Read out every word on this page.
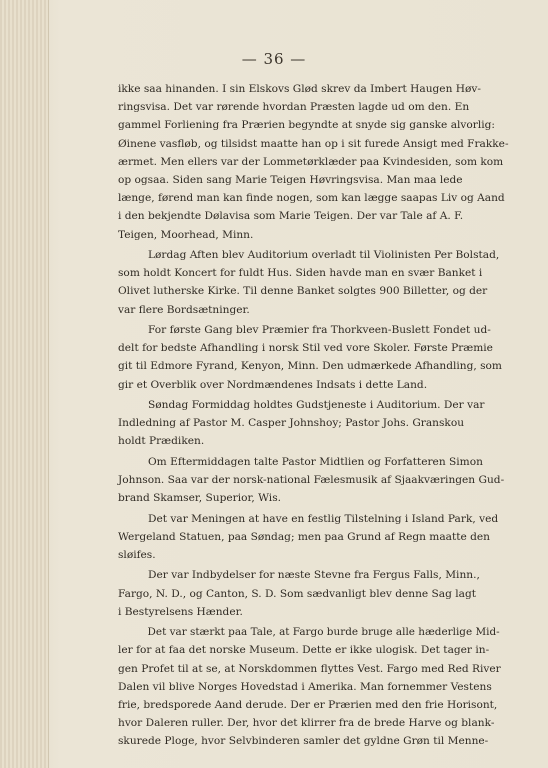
— 36 —
ikke saa hinanden. I sin Elskovs Glød skrev da Imbert Haugen Høv-
ringsvisa. Det var rørende hvordan Præsten lagde ud om den. En
gammel Forliening fra Prærien begyndte at snyde sig ganske alvorlig:
Øinene vasfløb, og tilsidst maatte han op i sit furede Ansigt med Frakke-
ærmet. Men ellers var der Lommetørklæder paa Kvindesiden, som kom
op ogsaa. Siden sang Marie Teigen Høvringsvisa. Man maa lede
længe, førend man kan finde nogen, som kan lægge saapas Liv og Aand
i den bekjendte Dølavisa som Marie Teigen. Der var Tale af A. F.
Teigen, Moorhead, Minn.
Lørdag Aften blev Auditorium overladt til Violinisten Per Bolstad,
som holdt Koncert for fuldt Hus. Siden havde man en svær Banket i
Olivet lutherske Kirke. Til denne Banket solgtes 900 Billetter, og der
var flere Bordsætninger.
For første Gang blev Præmier fra Thorkveen-Buslett Fondet ud-
delt for bedste Afhandling i norsk Stil ved vore Skoler. Første Præmie
git til Edmore Fyrand, Kenyon, Minn. Den udmærkede Afhandling, som
gir et Overblik over Nordmændenes Indsats i dette Land.
Søndag Formiddag holdtes Gudstjeneste i Auditorium. Der var
Indledning af Pastor M. Casper Johnshoy; Pastor Johs. Granskou
holdt Prædiken.
Om Eftermiddagen talte Pastor Midtlien og Forfatteren Simon
Johnson. Saa var der norsk-national Fælesmusik af Sjaakværingen Gud-
brand Skamser, Superior, Wis.
Det var Meningen at have en festlig Tilstelning i Island Park, ved
Wergeland Statuen, paa Søndag; men paa Grund af Regn maatte den
sløifes.
Der var Indbydelser for næste Stevne fra Fergus Falls, Minn.,
Fargo, N. D., og Canton, S. D. Som sædvanligt blev denne Sag lagt
i Bestyrelsens Hænder.
Det var stærkt paa Tale, at Fargo burde bruge alle hæderlige Mid-
ler for at faa det norske Museum. Dette er ikke ulogisk. Det tager in-
gen Profet til at se, at Norskdommen flyttes Vest. Fargo med Red River
Dalen vil blive Norges Hovedstad i Amerika. Man fornemmer Vestens
frie, bredsporede Aand derude. Der er Prærien med den frie Horisont,
hvor Daleren ruller. Der, hvor det klirrer fra de brede Harve og blank-
skurede Ploge, hvor Selvbinderen samler det gyldne Grøn til Menne-
